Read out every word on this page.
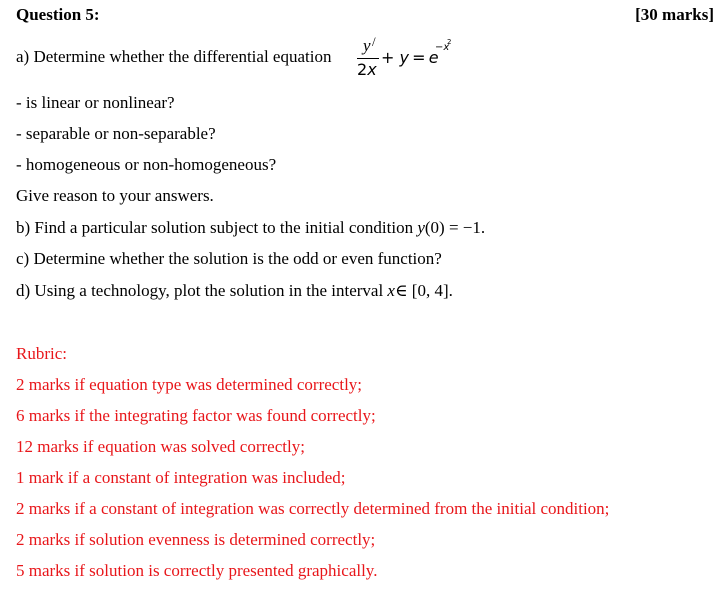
Question 5:	[30 marks]
a) Determine whether the differential equation
y /
2x
+ y  =  e
−x
2
- is linear or nonlinear?
- separable or non-separable?
- homogeneous or non-homogeneous?
Give reason to your answers.
b) Find a particular solution subject to the initial condition y(0) = −1.
c) Determine whether the solution is the odd or even function?
d) Using a technology, plot the solution in the interval x∈ [0, 4].
Rubric:
2 marks if equation type was determined correctly;
6 marks if the integrating factor was found correctly;
12 marks if equation was solved correctly;
1 mark if a constant of integration was included;
2 marks if a constant of integration was correctly determined from the initial condition;
2 marks if solution evenness is determined correctly;
5 marks if solution is correctly presented graphically.
